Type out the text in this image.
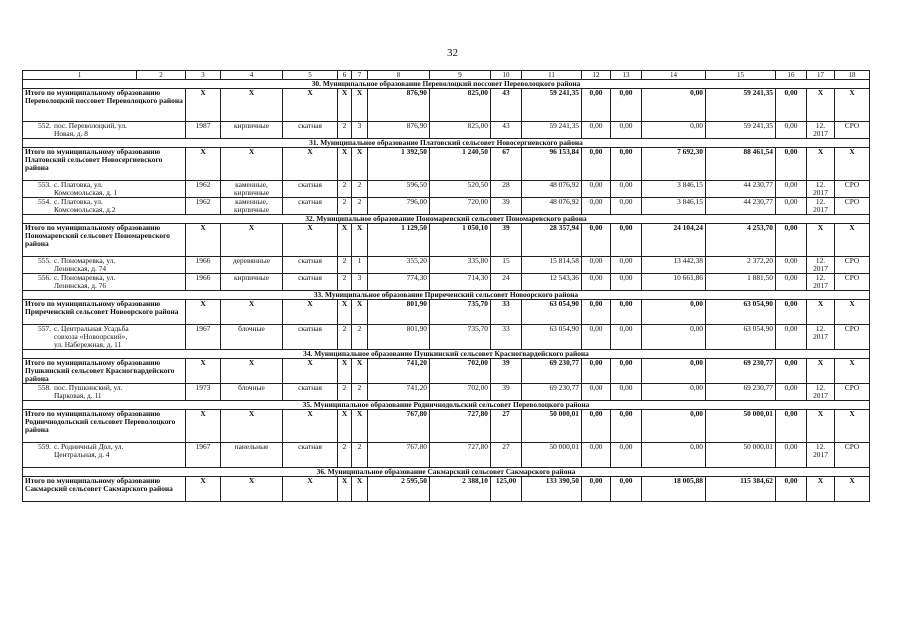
32
1	2	3	4	5	6	7	8	9	10	11	12	13	14	15	16	17	18
30. Муниципальное образование Переволоцкий поссовет Переволоцкого района																	
Итого по муниципальному образованию Переволоцкий поссовет Переволоцкого района		Х	Х	Х	Х	Х	876,90	825,00	43	59 241,35	0,00	0,00	0,00	59 241,35	0,00	Х	Х
552. пос. Переволоцкий, ул. Новая, д. 8		1987	кирпичные	скатная	2	3	876,90	825,00	43	59 241,35	0,00	0,00	0,00	59 241,35	0,00	12. 2017	СРО
31. Муниципальное образование Платовский сельсовет Новосергиевского района																	
Итого по муниципальному образованию Платовский сельсовет Новосергиевского района		Х	Х	Х	Х	Х	1 392,50	1 240,50	67	96 153,84	0,00	0,00	7 692,30	88 461,54	0,00	Х	Х
553. с. Платовка, ул. Комсомольская, д. 1		1962	каменные, кирпичные	скатная	2	2	596,50	520,50	28	48 076,92	0,00	0,00	3 846,15	44 230,77	0,00	12. 2017	СРО
554. с. Платовка, ул. Комсомольская, д.2		1962	каменные, кирпичные	скатная	2	2	796,00	720,00	39	48 076,92	0,00	0,00	3 846,15	44 230,77	0,00	12. 2017	СРО
32. Муниципальное образование Пономаревский сельсовет Пономаревского района																	
Итого по муниципальному образованию Пономаревский сельсовет Пономаревского района		Х	Х	Х	Х	Х	1 129,50	1 050,10	39	28 357,94	0,00	0,00	24 104,24	4 253,70	0,00	Х	Х
555. с. Пономаревка, ул. Ленинская, д. 74		1966	деревянные	скатная	2	1	355,20	335,80	15	15 814,58	0,00	0,00	13 442,38	2 372,20	0,00	12. 2017	СРО
556. с. Пономаревка, ул. Ленинская, д. 76		1966	кирпичные	скатная	2	3	774,30	714,30	24	12 543,36	0,00	0,00	10 661,86	1 881,50	0,00	12. 2017	СРО
33. Муниципальное образование Приреченский сельсовет Новоорского района																	
Итого по муниципальному образованию Приреченский сельсовет Новоорского района		Х	Х	Х	Х	Х	801,90	735,70	33	63 054,90	0,00	0,00	0,00	63 054,90	0,00	Х	Х
557. с. Центральная Усадьба совхоза «Новоорский», ул. Набережная, д. 11		1967	блочные	скатная	2	2	801,90	735,70	33	63 054,90	0,00	0,00	0,00	63 054,90	0,00	12. 2017	СРО
34. Муниципальное образование Пушкинский сельсовет Красногвардейского района																	
Итого по муниципальному образованию Пушкинский сельсовет Красногвардейского района		Х	Х	Х	Х	Х	741,20	702,00	39	69 230,77	0,00	0,00	0,00	69 230,77	0,00	Х	Х
558. пос. Пушкинский, ул. Парковая, д. 11		1973	блочные	скатная	2	2	741,20	702,00	39	69 230,77	0,00	0,00	0,00	69 230,77	0,00	12. 2017	СРО
35. Муниципальное образование Родничнодольский сельсовет Переволоцкого района																	
Итого по муниципальному образованию Родничнодольский сельсовет Переволоцкого района		Х	Х	Х	Х	Х	767,80	727,80	27	50 000,01	0,00	0,00	0,00	50 000,01	0,00	Х	Х
559. с. Родничный Дол, ул. Центральная, д. 4		1967	панельные	скатная	2	2	767,80	727,80	27	50 000,01	0,00	0,00	0,00	50 000,01	0,00	12. 2017	СРО
36. Муниципальное образование Сакмарский сельсовет Сакмарского района																	
Итого по муниципальному образованию Сакмарский сельсовет Сакмарского района		Х	Х	Х	Х	Х	2 595,50	2 388,10	125,00	133 390,50	0,00	0,00	18 005,88	115 384,62	0,00	Х	Х
